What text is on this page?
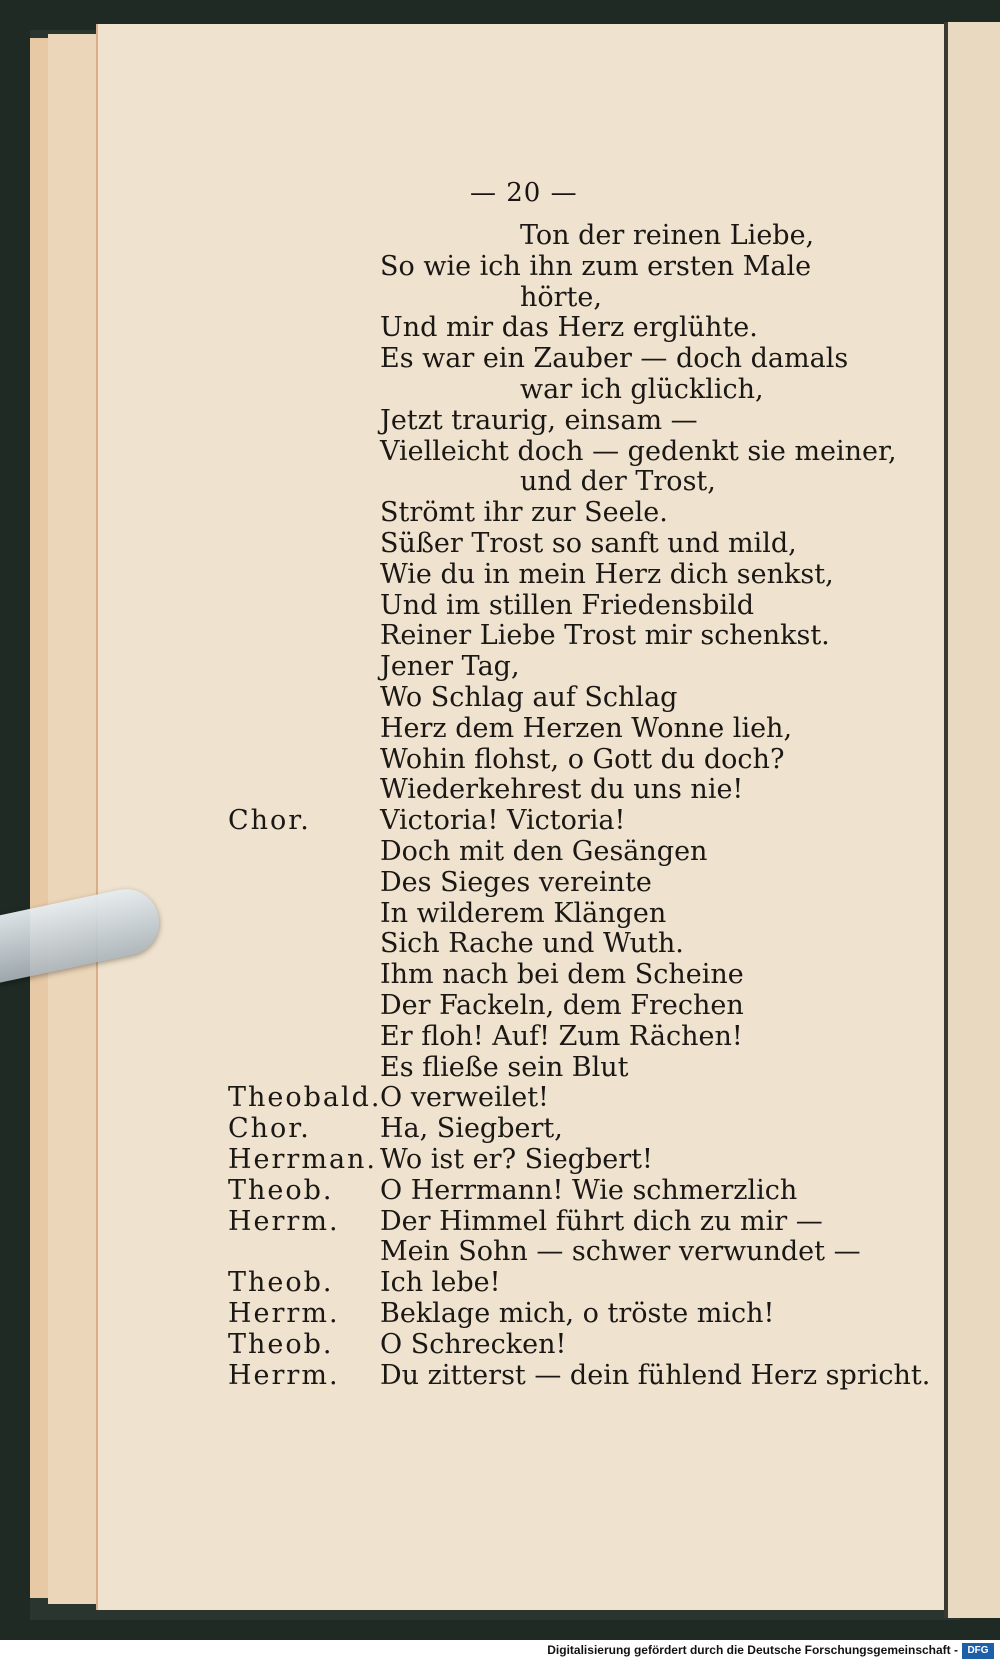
— 20 —
Ton der reinen Liebe,
So wie ich ihn zum ersten Male
hörte,
Und mir das Herz erglühte.
Es war ein Zauber — doch damals
war ich glücklich,
Jetzt traurig, einsam —
Vielleicht doch — gedenkt sie meiner,
und der Trost,
Strömt ihr zur Seele.
Süßer Trost so sanft und mild,
Wie du in mein Herz dich senkst,
Und im stillen Friedensbild
Reiner Liebe Trost mir schenkst.
Jener Tag,
Wo Schlag auf Schlag
Herz dem Herzen Wonne lieh,
Wohin flohst, o Gott du doch?
Wiederkehrest du uns nie!
Chor.	Victoria! Victoria!
Doch mit den Gesängen
Des Sieges vereinte
In wilderem Klängen
Sich Rache und Wuth.
Ihm nach bei dem Scheine
Der Fackeln, dem Frechen
Er floh! Auf! Zum Rächen!
Es fließe sein Blut
Theobald.
O verweilet!
Chor.	Ha, Siegbert,
Herrman. Wo ist er? Siegbert!
Theob. O Herrmann! Wie schmerzlich
Herrm. Der Himmel führt dich zu mir —
Mein Sohn — schwer verwundet —
Theob. Ich lebe!
Herrm. Beklage mich, o tröste mich!
Theob. O Schrecken!
Herrm. Du zitterst — dein fühlend Herz spricht.
Digitalisierung gefördert durch die Deutsche Forschungsgemeinschaft - DFG
